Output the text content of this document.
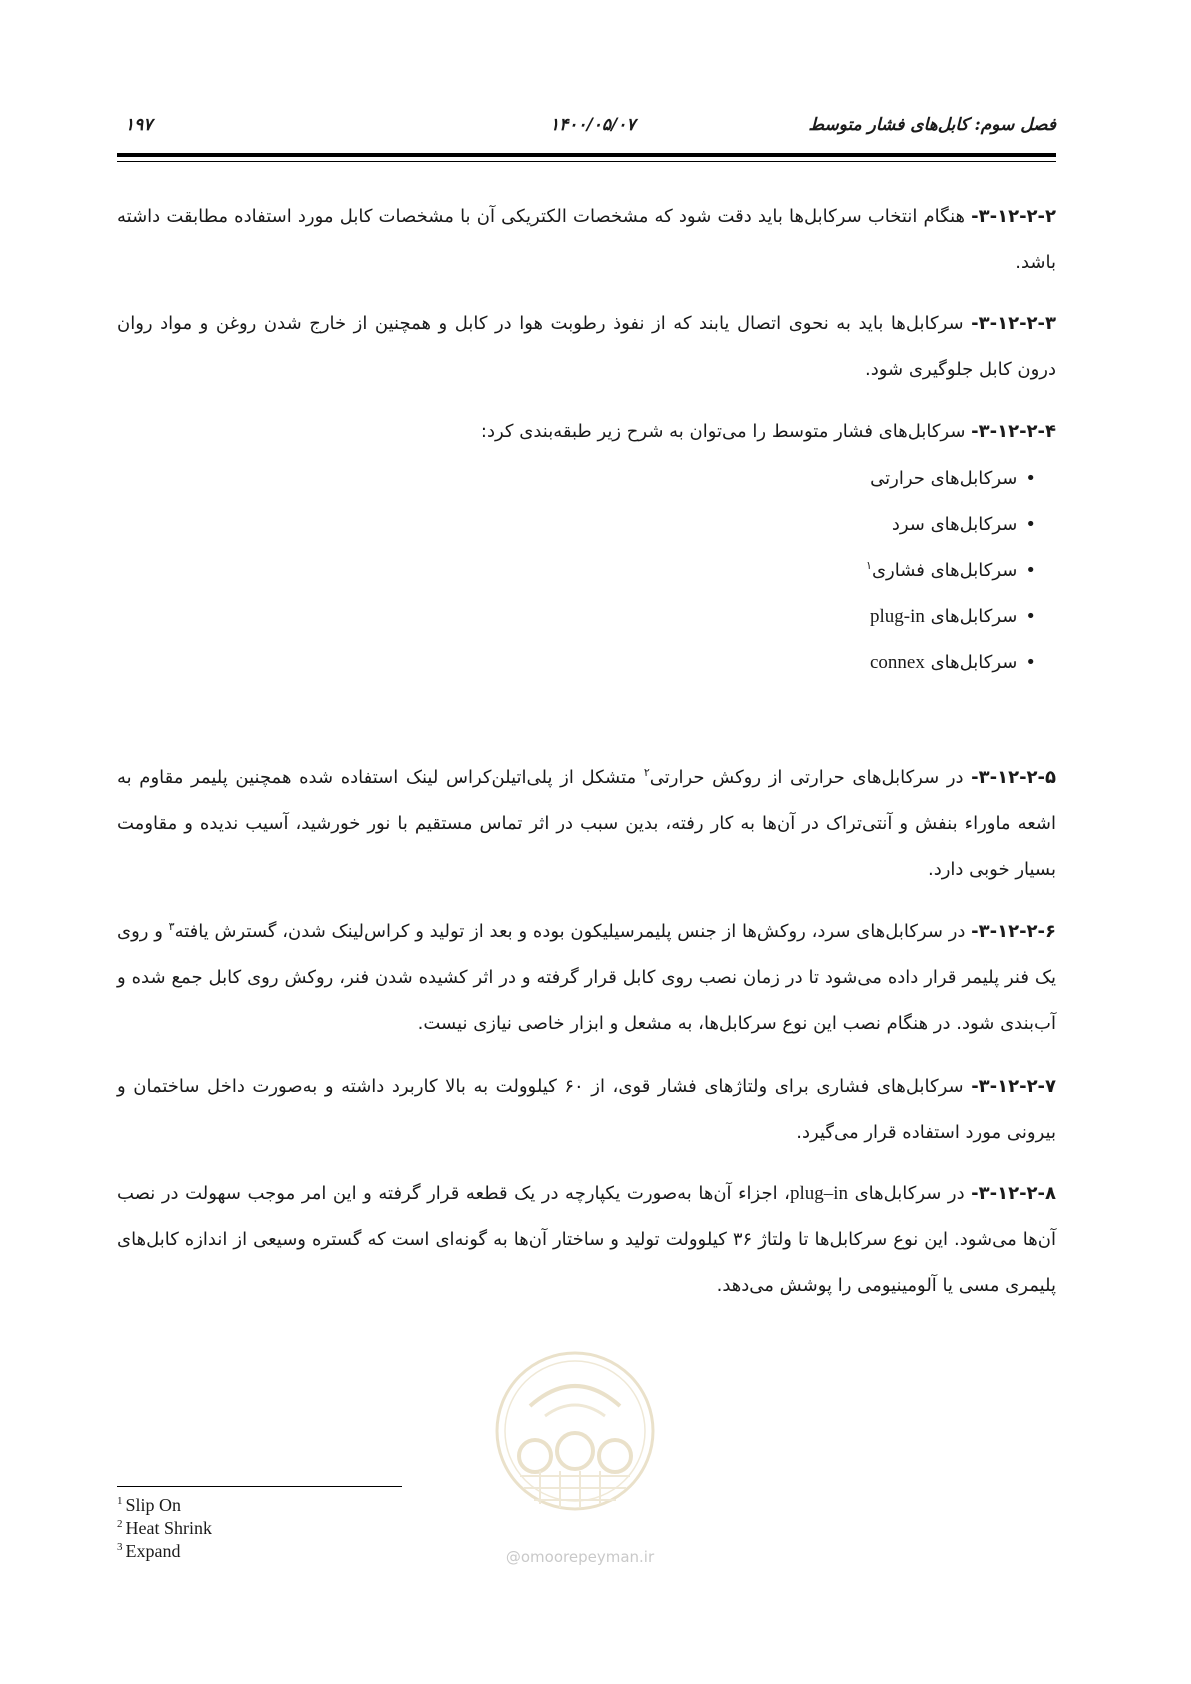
فصل سوم: کابل‌های فشار متوسط
۱۴۰۰/۰۵/۰۷
۱۹۷

۳-۱۲-۲-۲- هنگام انتخاب سرکابل‌ها باید دقت شود که مشخصات الکتریکی آن با مشخصات کابل مورد استفاده مطابقت داشته باشد.

۳-۱۲-۲-۳- سرکابل‌ها باید به نحوی اتصال یابند که از نفوذ رطوبت هوا در کابل و همچنین از خارج شدن روغن و مواد روان درون کابل جلوگیری شود.

۳-۱۲-۲-۴- سرکابل‌های فشار متوسط را می‌توان به شرح زیر طبقه‌بندی کرد:

• سرکابل‌های حرارتی
• سرکابل‌های سرد
• سرکابل‌های فشاری$^۱$
• سرکابل‌های plug-in
• سرکابل‌های connex

۳-۱۲-۲-۵- در سرکابل‌های حرارتی از روکش حرارتی$^۲$ متشکل از پلی‌اتیلن‌کراس لینک استفاده شده همچنین پلیمر مقاوم به اشعه ماوراء بنفش و آنتی‌تراک در آن‌ها به کار رفته، بدین سبب در اثر تماس مستقیم با نور خورشید، آسیب ندیده و مقاومت بسیار خوبی دارد.

۳-۱۲-۲-۶- در سرکابل‌های سرد، روکش‌ها از جنس پلیمرسیلیکون بوده و بعد از تولید و کراس‌لینک شدن، گسترش یافته$^۳$ و روی یک فنر پلیمر قرار داده می‌شود تا در زمان نصب روی کابل قرار گرفته و در اثر کشیده شدن فنر، روکش روی کابل جمع شده و آب‌بندی شود. در هنگام نصب این نوع سرکابل‌ها، به مشعل و ابزار خاصی نیازی نیست.

۳-۱۲-۲-۷- سرکابل‌های فشاری برای ولتاژهای فشار قوی، از ۶۰ کیلوولت به بالا کاربرد داشته و به‌صورت داخل ساختمان و بیرونی مورد استفاده قرار می‌گیرد.

۳-۱۲-۲-۸- در سرکابل‌های plug–in، اجزاء آن‌ها به‌صورت یکپارچه در یک قطعه قرار گرفته و این امر موجب سهولت در نصب آن‌ها می‌شود. این نوع سرکابل‌ها تا ولتاژ ۳۶ کیلوولت تولید و ساختار آن‌ها به گونه‌ای است که گستره وسیعی از اندازه کابل‌های پلیمری مسی یا آلومینیومی را پوشش می‌دهد.

@omoorepeyman.ir
$^1$ Slip On
$^2$ Heat Shrink
$^3$ Expand
